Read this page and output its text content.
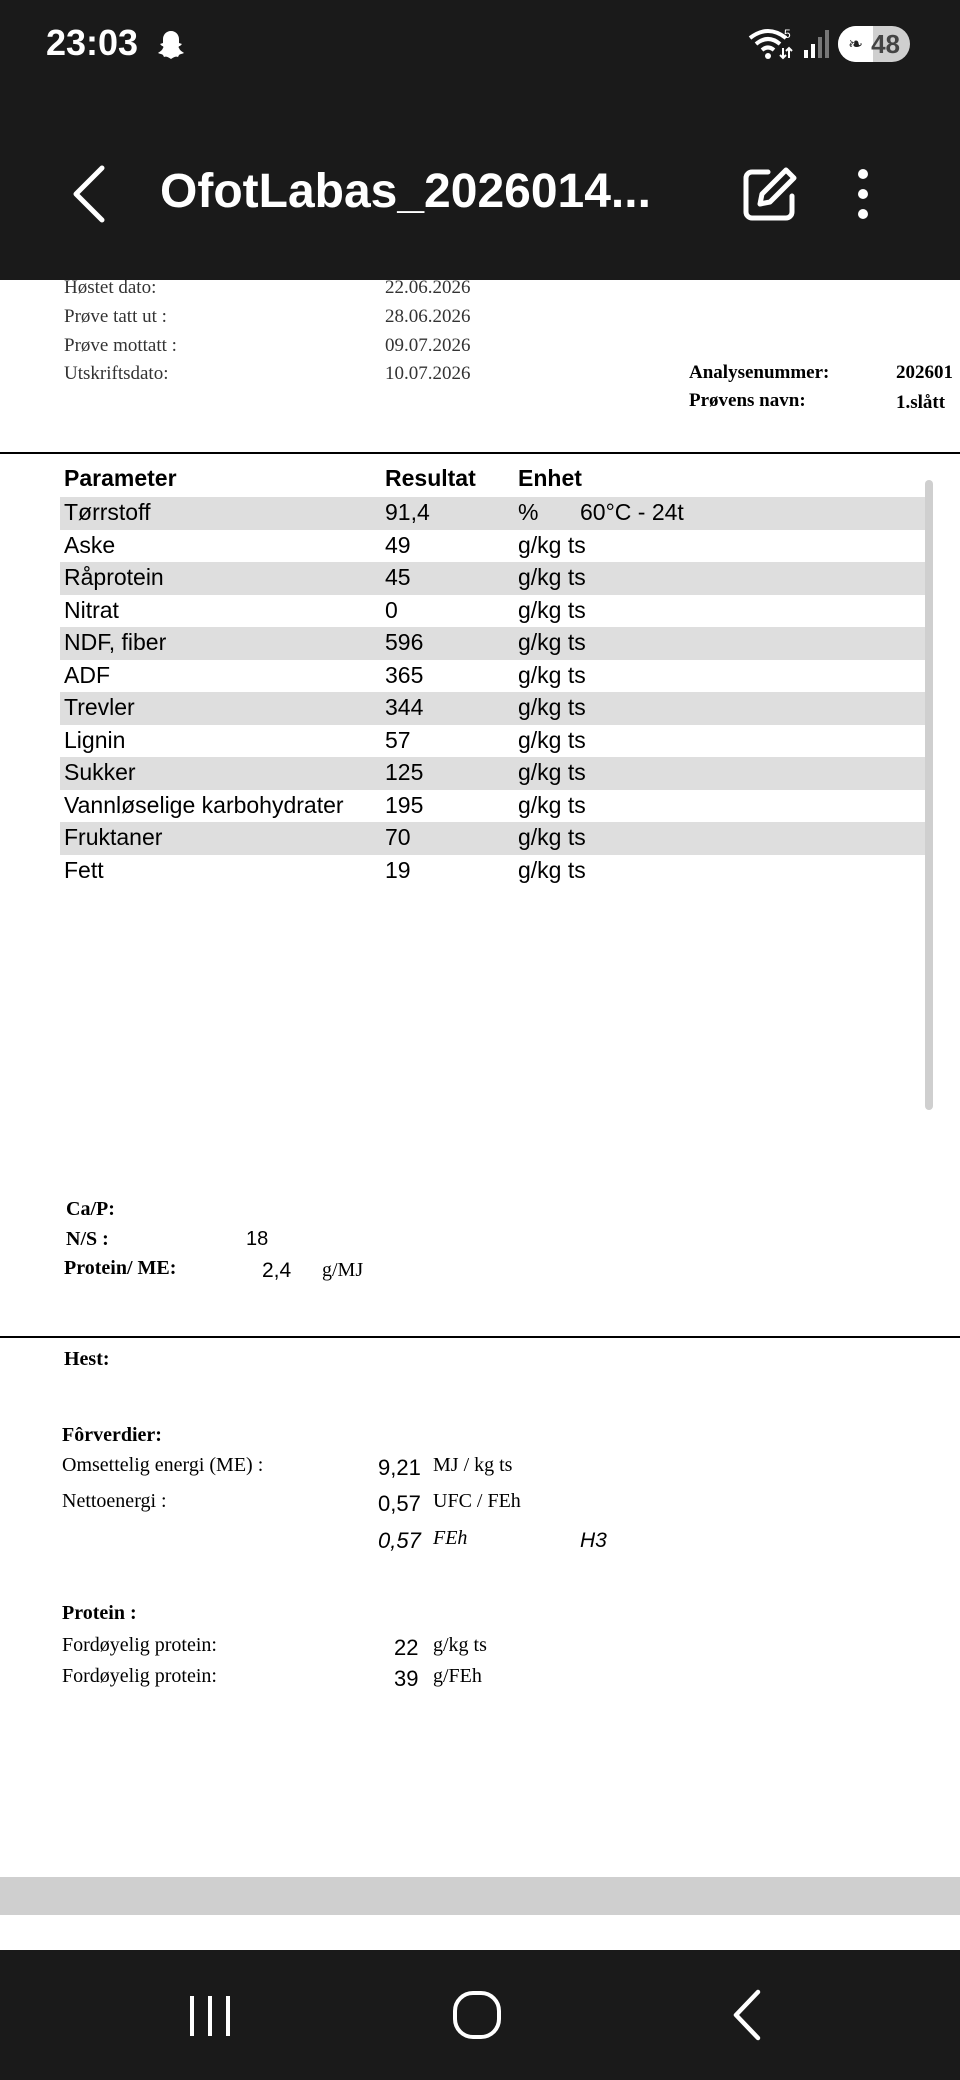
23:03	5	❧ 48
OfotLabas_2026014...
Høstet dato:	22.06.2026
Prøve tatt ut :	28.06.2026
Prøve mottatt :	09.07.2026
Utskriftsdato:	10.07.2026	Analysenummer:	202601
Prøvens navn:	1.slått
Parameter	Resultat Enhet
Tørrstoff	91,4	% 60°C - 24t
Aske	49	g/kg ts
Råprotein	45	g/kg ts
Nitrat	0	g/kg ts
NDF, fiber	596	g/kg ts
ADF	365	g/kg ts
Trevler	344	g/kg ts
Lignin	57	g/kg ts
Sukker	125	g/kg ts
Vannløselige karbohydrater 195	g/kg ts
Fruktaner	70	g/kg ts
Fett	19	g/kg ts
Ca/P:
N/S :	18
Protein/ ME:	2,4 g/MJ
Hest:
Fôrverdier:
Omsettelig energi (ME) :	9,21 MJ / kg ts
Nettoenergi :	0,57 UFC / FEh
0,57 FEh	H3
Protein :
Fordøyelig protein:	22 g/kg ts
Fordøyelig protein:	39 g/FEh
